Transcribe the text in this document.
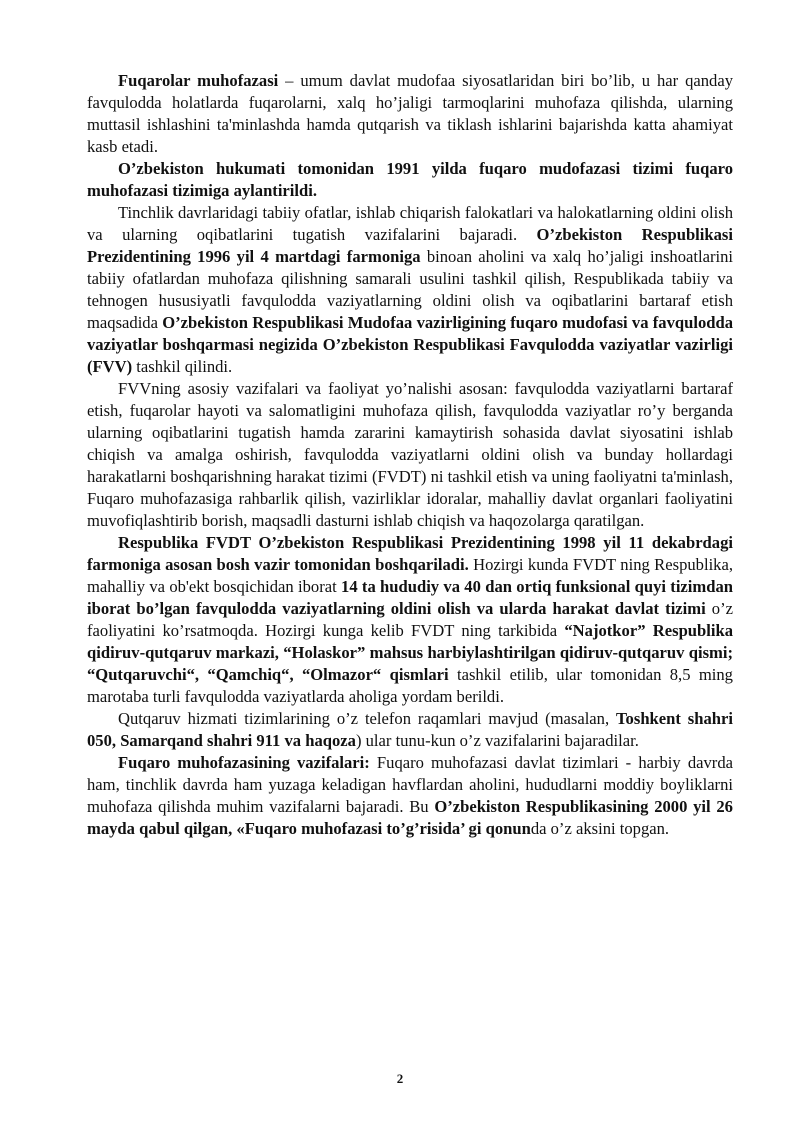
Fuqarolar muhofazasi – umum davlat mudofaa siyosatlaridan biri bo’lib, u har qanday favqulodda holatlarda fuqarolarni, xalq ho’jaligi tarmoqlarini muhofaza qilishda, ularning muttasil ishlashini ta'minlashda hamda qutqarish va tiklash ishlarini bajarishda katta ahamiyat kasb etadi.

O’zbekiston hukumati tomonidan 1991 yilda fuqaro mudofazasi tizimi fuqaro muhofazasi tizimiga aylantirildi.

Tinchlik davrlaridagi tabiiy ofatlar, ishlab chiqarish falokatlari va halokatlarning oldini olish va ularning oqibatlarini tugatish vazifalarini bajaradi. O’zbekiston Respublikasi Prezidentining 1996 yil 4 martdagi farmoniga binoan aholini va xalq ho’jaligi inshoatlarini tabiiy ofatlardan muhofaza qilishning samarali usulini tashkil qilish, Respublikada tabiiy va tehnogen hususiyatli favqulodda vaziyatlarning oldini olish va oqibatlarini bartaraf etish maqsadida O’zbekiston Respublikasi Mudofaa vazirligining fuqaro mudofasi va favqulodda vaziyatlar boshqarmasi negizida O’zbekiston Respublikasi Favqulodda vaziyatlar vazirligi (FVV) tashkil qilindi.

FVVning asosiy vazifalari va faoliyat yo’nalishi asosan: favqulodda vaziyatlarni bartaraf etish, fuqarolar hayoti va salomatligini muhofaza qilish, favqulodda vaziyatlar ro’y berganda ularning oqibatlarini tugatish hamda zararini kamaytirish sohasida davlat siyosatini ishlab chiqish va amalga oshirish, favqulodda vaziyatlarni oldini olish va bunday hollardagi harakatlarni boshqarishning harakat tizimi (FVDT) ni tashkil etish va uning faoliyatni ta'minlash, Fuqaro muhofazasiga rahbarlik qilish, vazirliklar idoralar, mahalliy davlat organlari faoliyatini muvofiqlashtirib borish, maqsadli dasturni ishlab chiqish va haqozolarga qaratilgan.

Respublika FVDT O’zbekiston Respublikasi Prezidentining 1998 yil 11 dekabrdagi farmoniga asosan bosh vazir tomonidan boshqariladi. Hozirgi kunda FVDT ning Respublika, mahalliy va ob'ekt bosqichidan iborat 14 ta hududiy va 40 dan ortiq funksional quyi tizimdan iborat bo’lgan favqulodda vaziyatlarning oldini olish va ularda harakat davlat tizimi o’z faoliyatini ko’rsatmoqda. Hozirgi kunga kelib FVDT ning tarkibida “Najotkor” Respublika qidiruv-qutqaruv markazi, “Holaskor” mahsus harbiylashtirilgan qidiruv-qutqaruv qismi; “Qutqaruvchi“, “Qamchiq“, “Olmazor“ qismlari tashkil etilib, ular tomonidan 8,5 ming marotaba turli favqulodda vaziyatlarda aholiga yordam berildi.

Qutqaruv hizmati tizimlarining o’z telefon raqamlari mavjud (masalan, Toshkent shahri 050, Samarqand shahri 911 va haqoza) ular tunu-kun o’z vazifalarini bajaradilar.

Fuqaro muhofazasining vazifalari: Fuqaro muhofazasi davlat tizimlari - harbiy davrda ham, tinchlik davrda ham yuzaga keladigan havflardan aholini, hududlarni moddiy boyliklarni muhofaza qilishda muhim vazifalarni bajaradi. Bu O’zbekiston Respublikasining 2000 yil 26 mayda qabul qilgan, «Fuqaro muhofazasi to’g’risida’ gi qonunda o’z aksini topgan.

2
